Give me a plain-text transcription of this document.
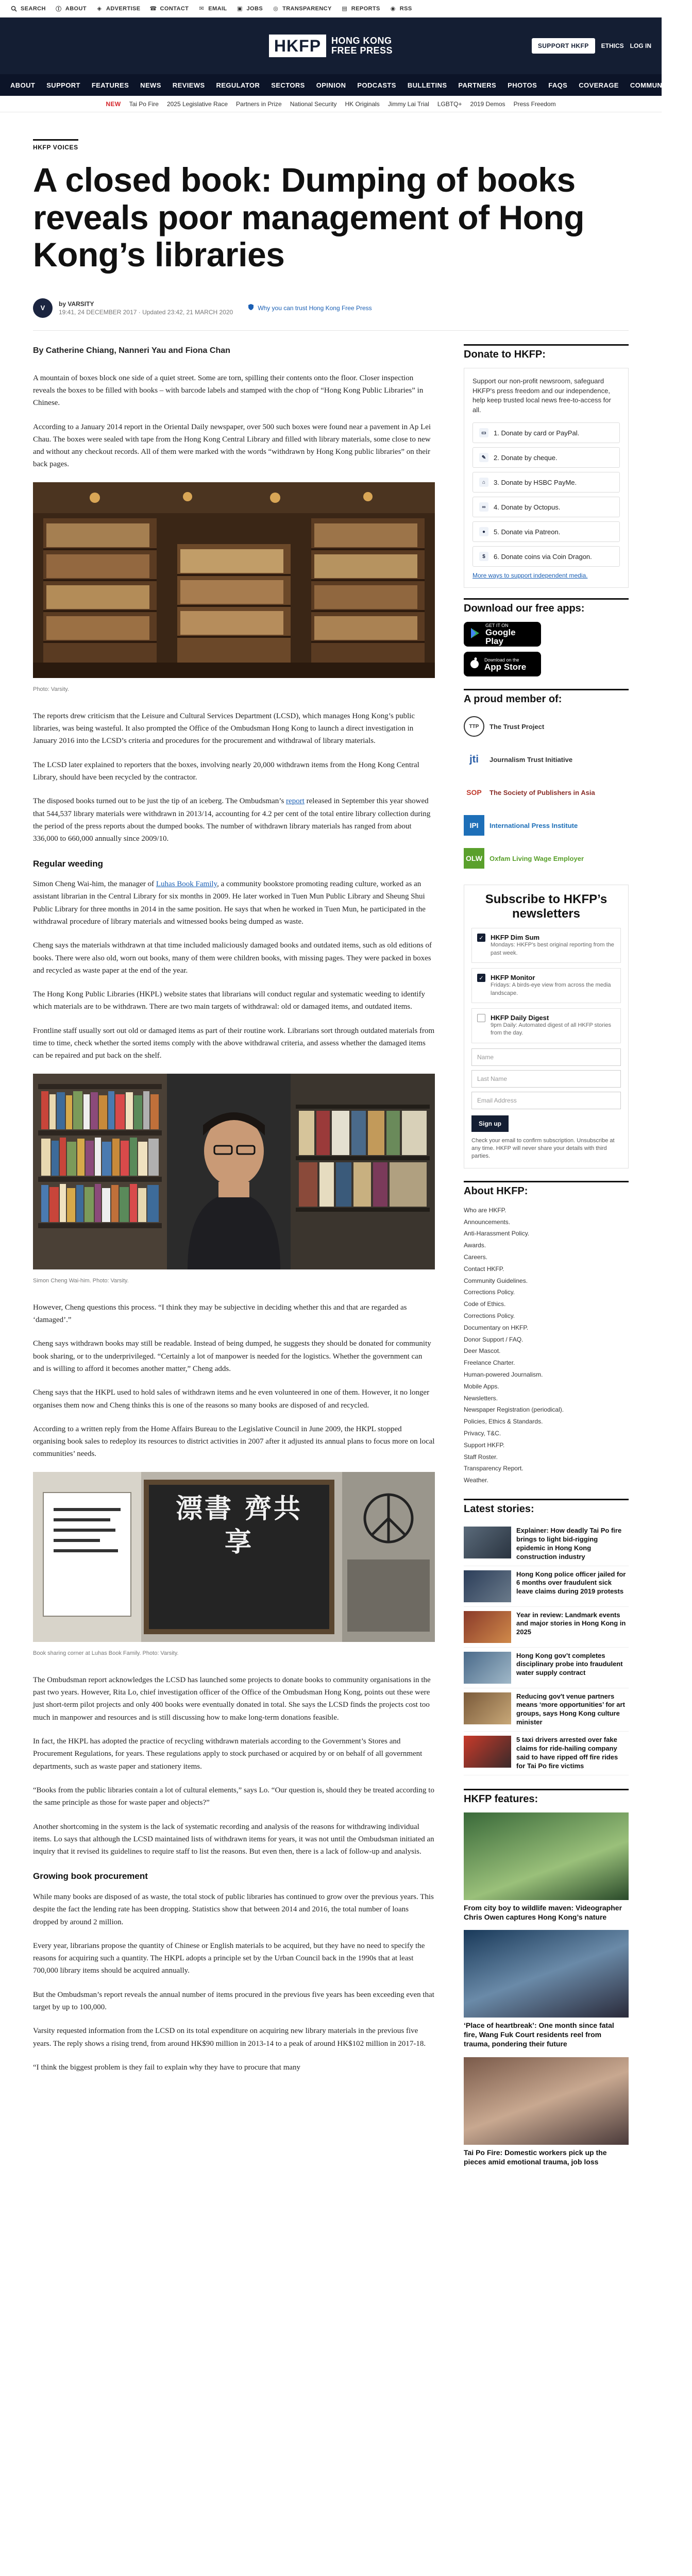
SEARCH Ⓘ ABOUT ◈ ADVERTISE ☎ CONTACT ✉ EMAIL ▣ JOBS ◎ TRANSPARENCY ▤ REPORTS ◉ RSS
HKFP	HONG KONG
FREE PRESS	SUPPORT HKFP	ETHICS LOG IN
ABOUT SUPPORT FEATURES NEWS REVIEWS REGULATOR SECTORS OPINION PODCASTS BULLETINS PARTNERS PHOTOS FAQS COVERAGE COMMUNITY
NEW Tai Po Fire 2025 Legislative Race Partners in Prize National Security HK Originals Jimmy Lai Trial LGBTQ+ 2019 Demos Press Freedom
HKFP VOICES
A closed book: Dumping of books reveals poor management of Hong Kong’s libraries
V
by VARSITY
19:41, 24 DECEMBER 2017 · Updated 23:42, 21 MARCH 2020
Why you can trust Hong Kong Free Press

By Catherine Chiang, Nanneri Yau and Fiona Chan

A mountain of boxes block one side of a quiet street. Some are torn, spilling their contents onto the floor. Closer inspection reveals the boxes to be filled with books – with barcode labels and stamped with the chop of “Hong Kong Public Libraries” in Chinese.

According to a January 2014 report in the Oriental Daily newspaper, over 500 such boxes were found near a pavement in Ap Lei Chau. The boxes were sealed with tape from the Hong Kong Central Library and filled with library materials, some close to new and without any checkout records. All of them were marked with the words “withdrawn by Hong Kong public libraries” on their back pages.

Photo: Varsity.

The reports drew criticism that the Leisure and Cultural Services Department (LCSD), which manages Hong Kong’s public libraries, was being wasteful. It also prompted the Office of the Ombudsman Hong Kong to launch a direct investigation in January 2016 into the LCSD’s criteria and procedures for the procurement and withdrawal of library materials.

The LCSD later explained to reporters that the boxes, involving nearly 20,000 withdrawn items from the Hong Kong Central Library, should have been recycled by the contractor.

The disposed books turned out to be just the tip of an iceberg. The Ombudsman’s report released in September this year showed that 544,537 library materials were withdrawn in 2013/14, accounting for 4.2 per cent of the total entire library collection during the period of the press reports about the dumped books. The number of withdrawn library materials has ranged from about 336,000 to 660,000 annually since 2009/10.

Regular weeding

Simon Cheng Wai-him, the manager of Luhas Book Family, a community bookstore promoting reading culture, worked as an assistant librarian in the Central Library for six months in 2009. He later worked in Tuen Mun Public Library and Sheung Shui Public Library for three months in 2014 in the same position. He says that when he worked in Tuen Mun, he participated in the withdrawal procedure of library materials and witnessed books being dumped as waste.

Cheng says the materials withdrawn at that time included maliciously damaged books and outdated items, such as old editions of books. There were also old, worn out books, many of them were children books, with missing pages. They were packed in boxes and recycled as waste paper at the end of the year.

The Hong Kong Public Libraries (HKPL) website states that librarians will conduct regular and systematic weeding to identify which materials are to be withdrawn. There are two main targets of withdrawal: old or damaged items, and outdated items.

Frontline staff usually sort out old or damaged items as part of their routine work. Librarians sort through outdated materials from time to time, check whether the sorted items comply with the above withdrawal criteria, and assess whether the damaged items can be repaired and put back on the shelf.

Simon Cheng Wai-him. Photo: Varsity.

However, Cheng questions this process. “I think they may be subjective in deciding whether this and that are regarded as ‘damaged’.”

Cheng says withdrawn books may still be readable. Instead of being dumped, he suggests they should be donated for community book sharing, or to the underprivileged. “Certainly a lot of manpower is needed for the logistics. Whether the government can and is willing to afford it becomes another matter,” Cheng adds.

Cheng says that the HKPL used to hold sales of withdrawn items and he even volunteered in one of them. However, it no longer organises them now and Cheng thinks this is one of the reasons so many books are disposed of and recycled.

According to a written reply from the Home Affairs Bureau to the Legislative Council in June 2009, the HKPL stopped organising book sales to redeploy its resources to district activities in 2007 after it adjusted its annual plans to focus more on local communities’ needs.

漂書 齊共享
Book sharing corner at Luhas Book Family. Photo: Varsity.

The Ombudsman report acknowledges the LCSD has launched some projects to donate books to community organisations in the past two years. However, Rita Lo, chief investigation officer of the Office of the Ombudsman Hong Kong, points out these were just short-term pilot projects and only 400 books were eventually donated in total. She says the LCSD finds the projects cost too much in manpower and resources and is still discussing how to make long-term donations feasible.

In fact, the HKPL has adopted the practice of recycling withdrawn materials according to the Government’s Stores and Procurement Regulations, for years. These regulations apply to stock purchased or acquired by or on behalf of all government departments, such as waste paper and stationery items.

“Books from the public libraries contain a lot of cultural elements,” says Lo. “Our question is, should they be treated according to the same principle as those for waste paper and objects?”

Another shortcoming in the system is the lack of systematic recording and analysis of the reasons for withdrawing individual items. Lo says that although the LCSD maintained lists of withdrawn items for years, it was not until the Ombudsman initiated an inquiry that it revised its guidelines to require staff to list the reasons. But even then, there is a lack of follow-up and analysis.

Growing book procurement

While many books are disposed of as waste, the total stock of public libraries has continued to grow over the previous years. This despite the fact the lending rate has been dropping. Statistics show that between 2014 and 2016, the total number of loans dropped by around 2 million.

Every year, librarians propose the quantity of Chinese or English materials to be acquired, but they have no need to specify the reasons for acquiring such a quantity. The HKPL adopts a principle set by the Urban Council back in the 1990s that at least 700,000 library items should be acquired annually.

But the Ombudsman’s report reveals the annual number of items procured in the previous five years has been exceeding even that target by up to 100,000.

Varsity requested information from the LCSD on its total expenditure on acquiring new library materials in the previous five years. The reply shows a rising trend, from around HK$90 million in 2013-14 to a peak of around HK$102 million in 2017-18.

“I think the biggest problem is they fail to explain why they have to procure that many

Donate to HKFP:
Support our non-profit newsroom, safeguard HKFP's press freedom and our independence, help keep trusted local news free-to-access for all.
▭	1. Donate by card or PayPal.
✎	2. Donate by cheque.
⌂	3. Donate by HSBC PayMe.
∞	4. Donate by Octopus.
●	5. Donate via Patreon.
$	6. Donate coins via Coin Dragon.
More ways to support independent media.
Download our free apps:
GET IT ON
Google Play
Download on the
App Store
A proud member of:
TTP The Trust Project
jti	Journalism Trust Initiative
SOP The Society of Publishers in Asia
IPI International Press Institute
OLW Oxfam Living Wage Employer
Subscribe to HKFP’s newsletters
✓ HKFP Dim Sum
Mondays: HKFP's best original reporting from the past week.
✓ HKFP Monitor
Fridays: A birds-eye view from across the media landscape.
HKFP Daily Digest
9pm Daily: Automated digest of all HKFP stories from the day.
Name
Last Name
Email Address
Sign up
Check your email to confirm subscription. Unsubscribe at any time. HKFP will never share your details with third parties.
About HKFP:
Who are HKFP.
Announcements.
Anti-Harassment Policy.
Awards.
Careers.
Contact HKFP.
Community Guidelines.
Corrections Policy.
Code of Ethics.
Corrections Policy.
Documentary on HKFP.
Donor Support / FAQ.
Deer Mascot.
Freelance Charter.
Human-powered Journalism.
Mobile Apps.
Newsletters.
Newspaper Registration (periodical).
Policies, Ethics & Standards.
Privacy, T&C.
Support HKFP.
Staff Roster.
Transparency Report.
Weather.
Latest stories:
Explainer: How deadly Tai Po fire brings to light bid-rigging epidemic in Hong Kong construction industry
Hong Kong police officer jailed for 6 months over fraudulent sick leave claims during 2019 protests
Year in review: Landmark events and major stories in Hong Kong in 2025
Hong Kong gov’t completes disciplinary probe into fraudulent water supply contract
Reducing gov't venue partners means ‘more opportunities’ for art groups, says Hong Kong culture minister
5 taxi drivers arrested over fake claims for ride-hailing company said to have ripped off fire rides for Tai Po fire victims
HKFP features:
From city boy to wildlife maven: Videographer Chris Owen captures Hong Kong’s nature
‘Place of heartbreak’: One month since fatal fire, Wang Fuk Court residents reel from trauma, pondering their future
Tai Po Fire: Domestic workers pick up the pieces amid emotional trauma, job loss
